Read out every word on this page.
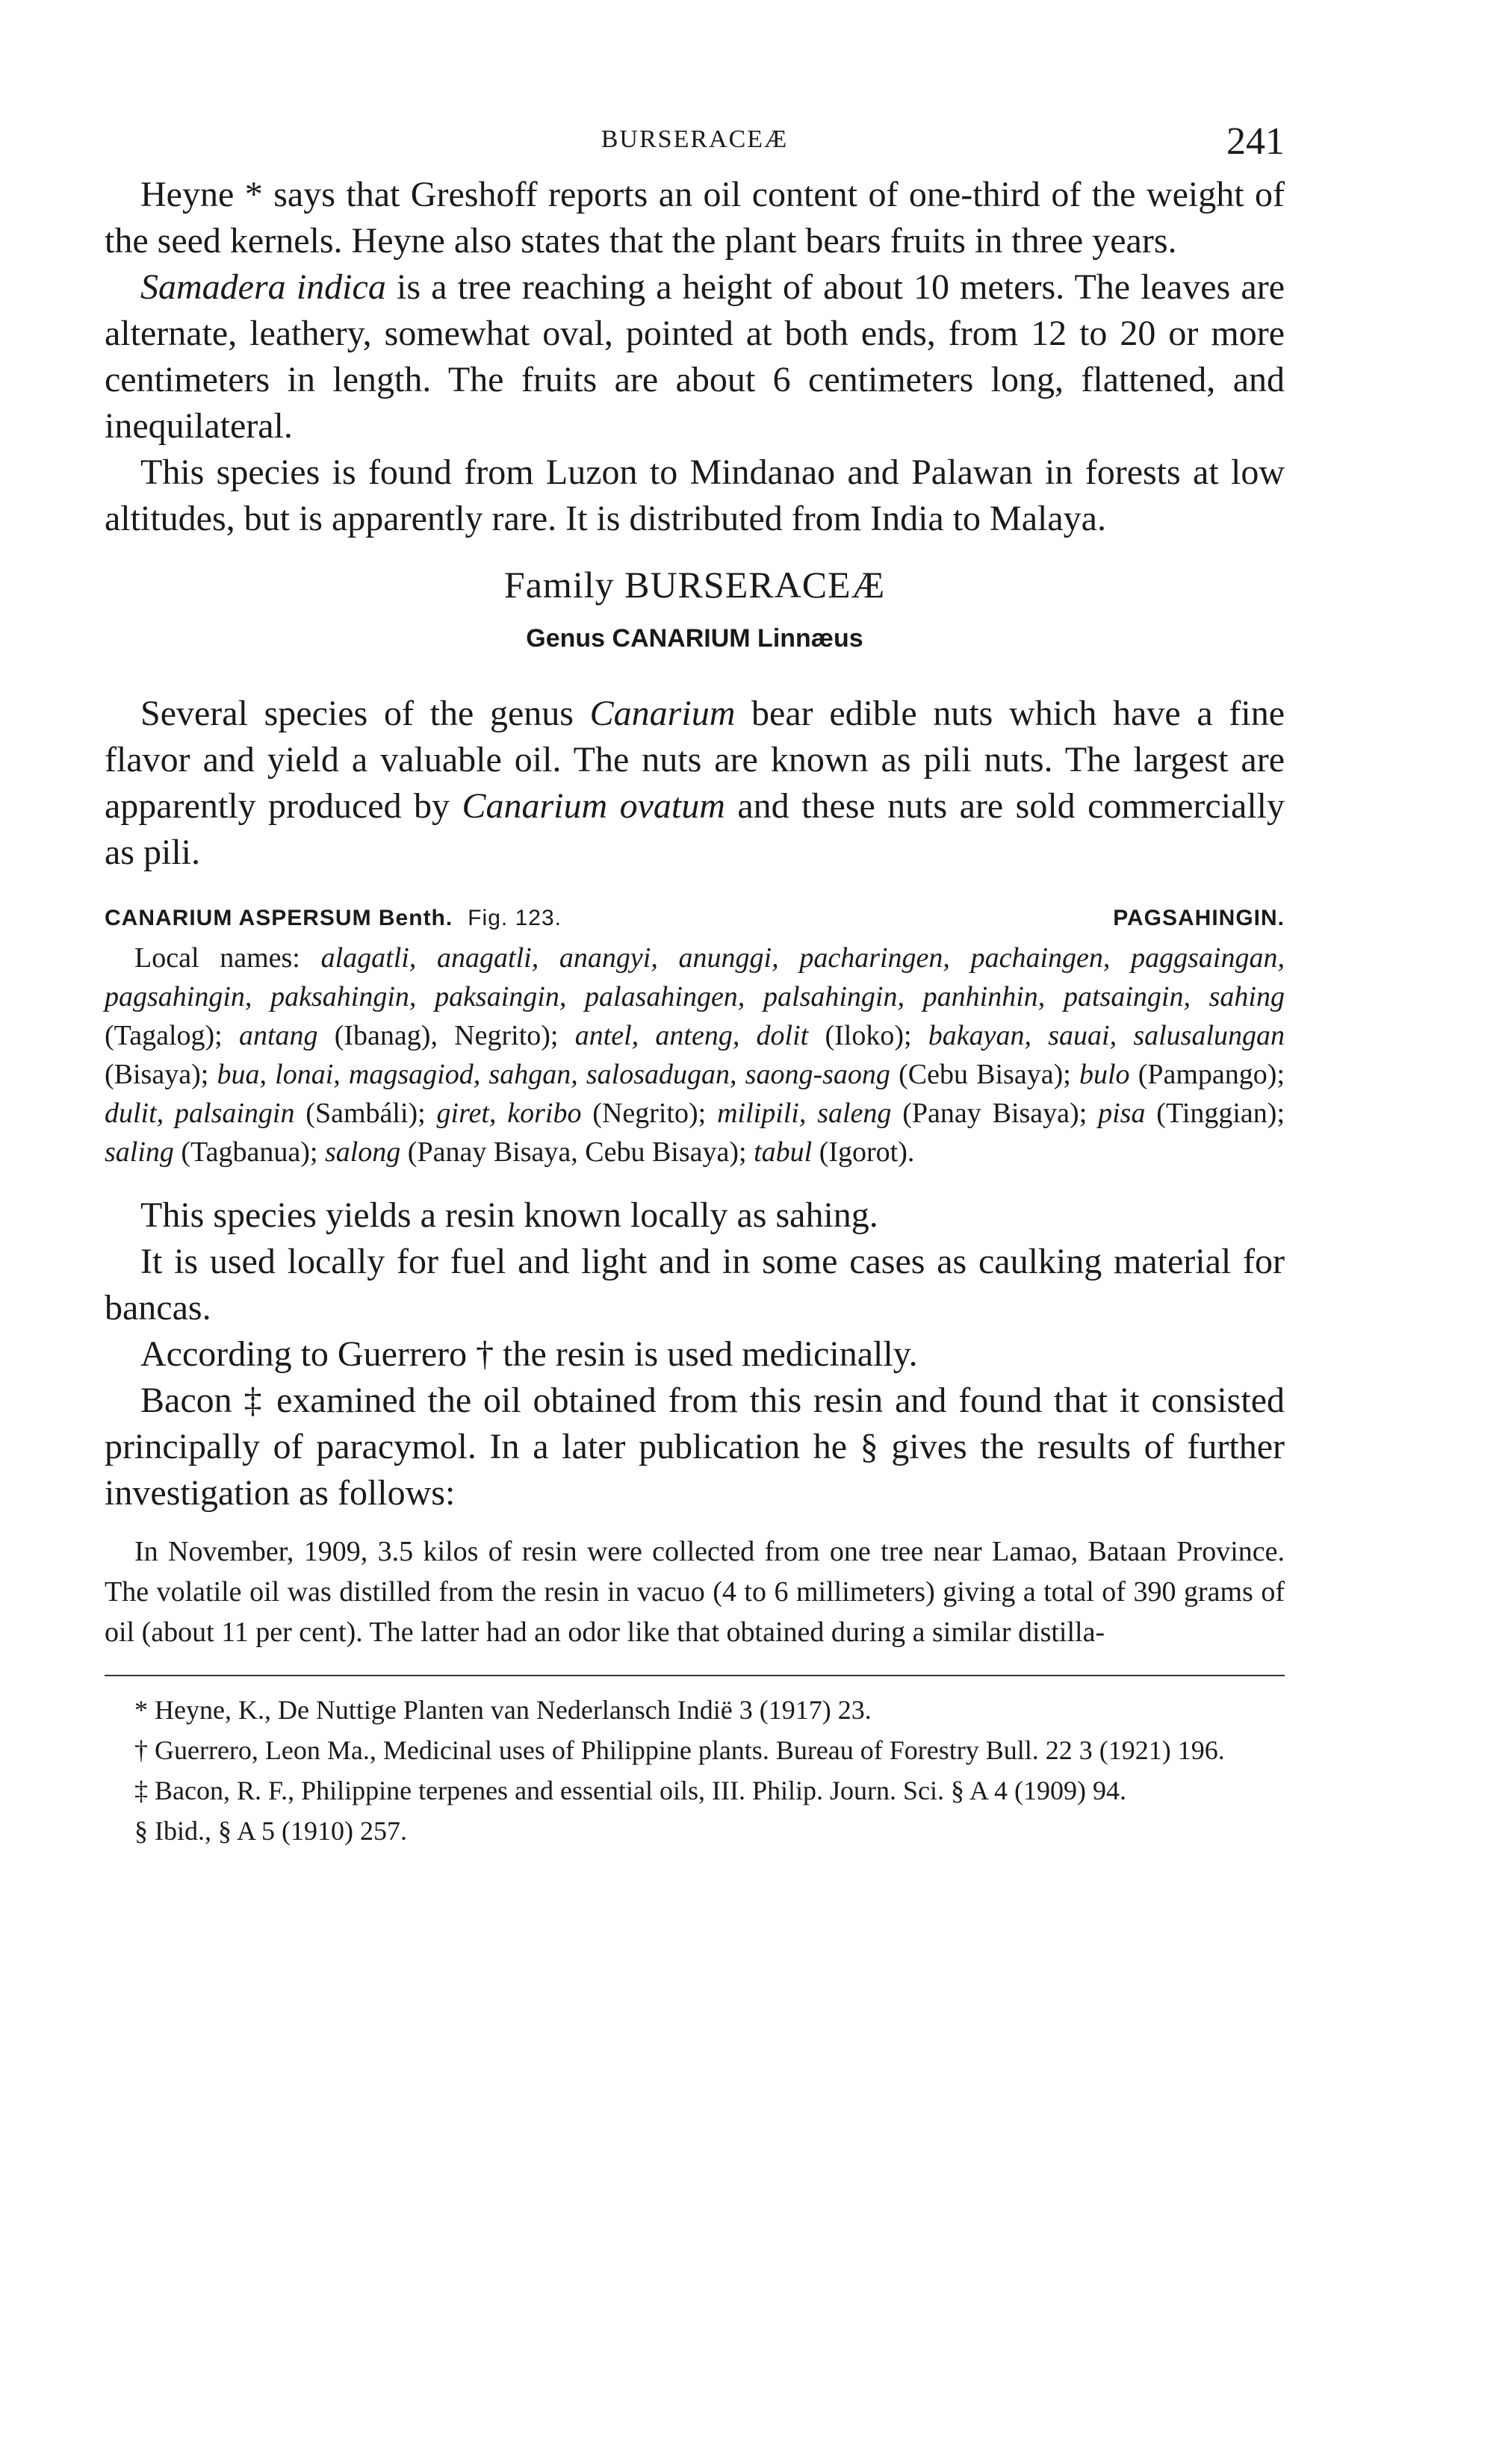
BURSERACEÆ	241

Heyne * says that Greshoff reports an oil content of one-third of the weight of the seed kernels. Heyne also states that the plant bears fruits in three years.

Samadera indica is a tree reaching a height of about 10 meters. The leaves are alternate, leathery, somewhat oval, pointed at both ends, from 12 to 20 or more centimeters in length. The fruits are about 6 centimeters long, flattened, and inequilateral.

This species is found from Luzon to Mindanao and Palawan in forests at low altitudes, but is apparently rare. It is distributed from India to Malaya.

Family BURSERACEÆ
Genus CANARIUM Linnæus

Several species of the genus Canarium bear edible nuts which have a fine flavor and yield a valuable oil. The nuts are known as pili nuts. The largest are apparently produced by Canarium ovatum and these nuts are sold commercially as pili.

CANARIUM ASPERSUM Benth. Fig. 123.	PAGSAHINGIN.

Local names: alagatli, anagatli, anangyi, anunggi, pacharingen, pachaingen, paggsaingan, pagsahingin, paksahingin, paksaingin, palasahingen, palsahingin, panhinhin, patsaingin, sahing (Tagalog); antang (Ibanag), Negrito); antel, anteng, dolit (Iloko); bakayan, sauai, salusalungan (Bisaya); bua, lonai, magsagiod, sahgan, salosadugan, saong-saong (Cebu Bisaya); bulo (Pampango); dulit, palsaingin (Sambáli); giret, koribo (Negrito); milipili, saleng (Panay Bisaya); pisa (Tinggian); saling (Tagbanua); salong (Panay Bisaya, Cebu Bisaya); tabul (Igorot).

This species yields a resin known locally as sahing.

It is used locally for fuel and light and in some cases as caulking material for bancas.

According to Guerrero † the resin is used medicinally.

Bacon ‡ examined the oil obtained from this resin and found that it consisted principally of paracymol. In a later publication he § gives the results of further investigation as follows:

In November, 1909, 3.5 kilos of resin were collected from one tree near Lamao, Bataan Province. The volatile oil was distilled from the resin in vacuo (4 to 6 millimeters) giving a total of 390 grams of oil (about 11 per cent). The latter had an odor like that obtained during a similar distilla-

* Heyne, K., De Nuttige Planten van Nederlansch Indië 3 (1917) 23.

† Guerrero, Leon Ma., Medicinal uses of Philippine plants. Bureau of Forestry Bull. 22 3 (1921) 196.

‡ Bacon, R. F., Philippine terpenes and essential oils, III. Philip. Journ. Sci. § A 4 (1909) 94.

§ Ibid., § A 5 (1910) 257.
